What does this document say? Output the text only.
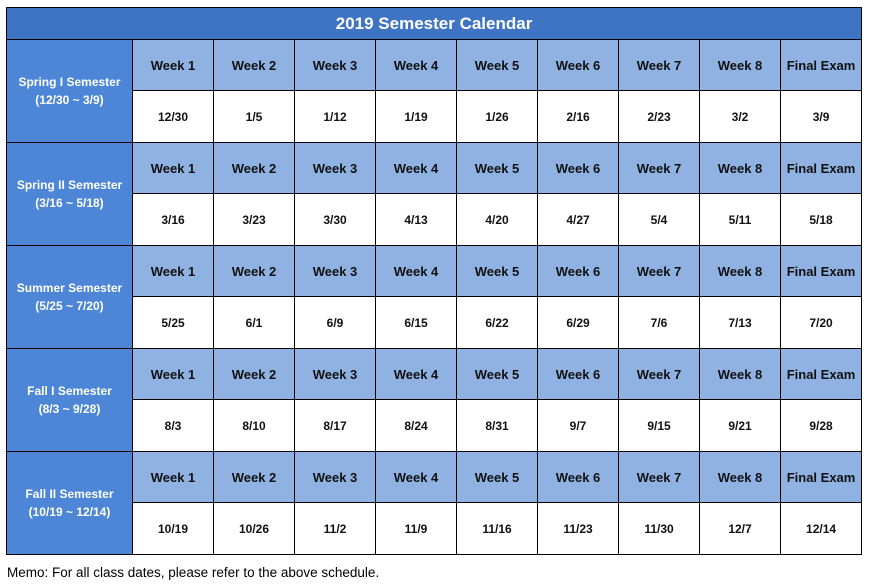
2019 Semester Calendar									

Spring I Semester
(12/30 ~ 3/9)	Week 1	Week 2	Week 3	Week 4	Week 5	Week 6	Week 7	Week 8	Final Exam
	12/30	1/5	1/12	1/19	1/26	2/16	2/23	3/2	3/9

Spring II Semester
(3/16 ~ 5/18)	Week 1	Week 2	Week 3	Week 4	Week 5	Week 6	Week 7	Week 8	Final Exam
	3/16	3/23	3/30	4/13	4/20	4/27	5/4	5/11	5/18

Summer Semester
(5/25 ~ 7/20)	Week 1	Week 2	Week 3	Week 4	Week 5	Week 6	Week 7	Week 8	Final Exam
	5/25	6/1	6/9	6/15	6/22	6/29	7/6	7/13	7/20

Fall I Semester
(8/3 ~ 9/28)	Week 1	Week 2	Week 3	Week 4	Week 5	Week 6	Week 7	Week 8	Final Exam
	8/3	8/10	8/17	8/24	8/31	9/7	9/15	9/21	9/28

Fall II Semester
(10/19 ~ 12/14)	Week 1	Week 2	Week 3	Week 4	Week 5	Week 6	Week 7	Week 8	Final Exam
	10/19	10/26	11/2	11/9	11/16	11/23	11/30	12/7	12/14
Memo: For all class dates, please refer to the above schedule.
